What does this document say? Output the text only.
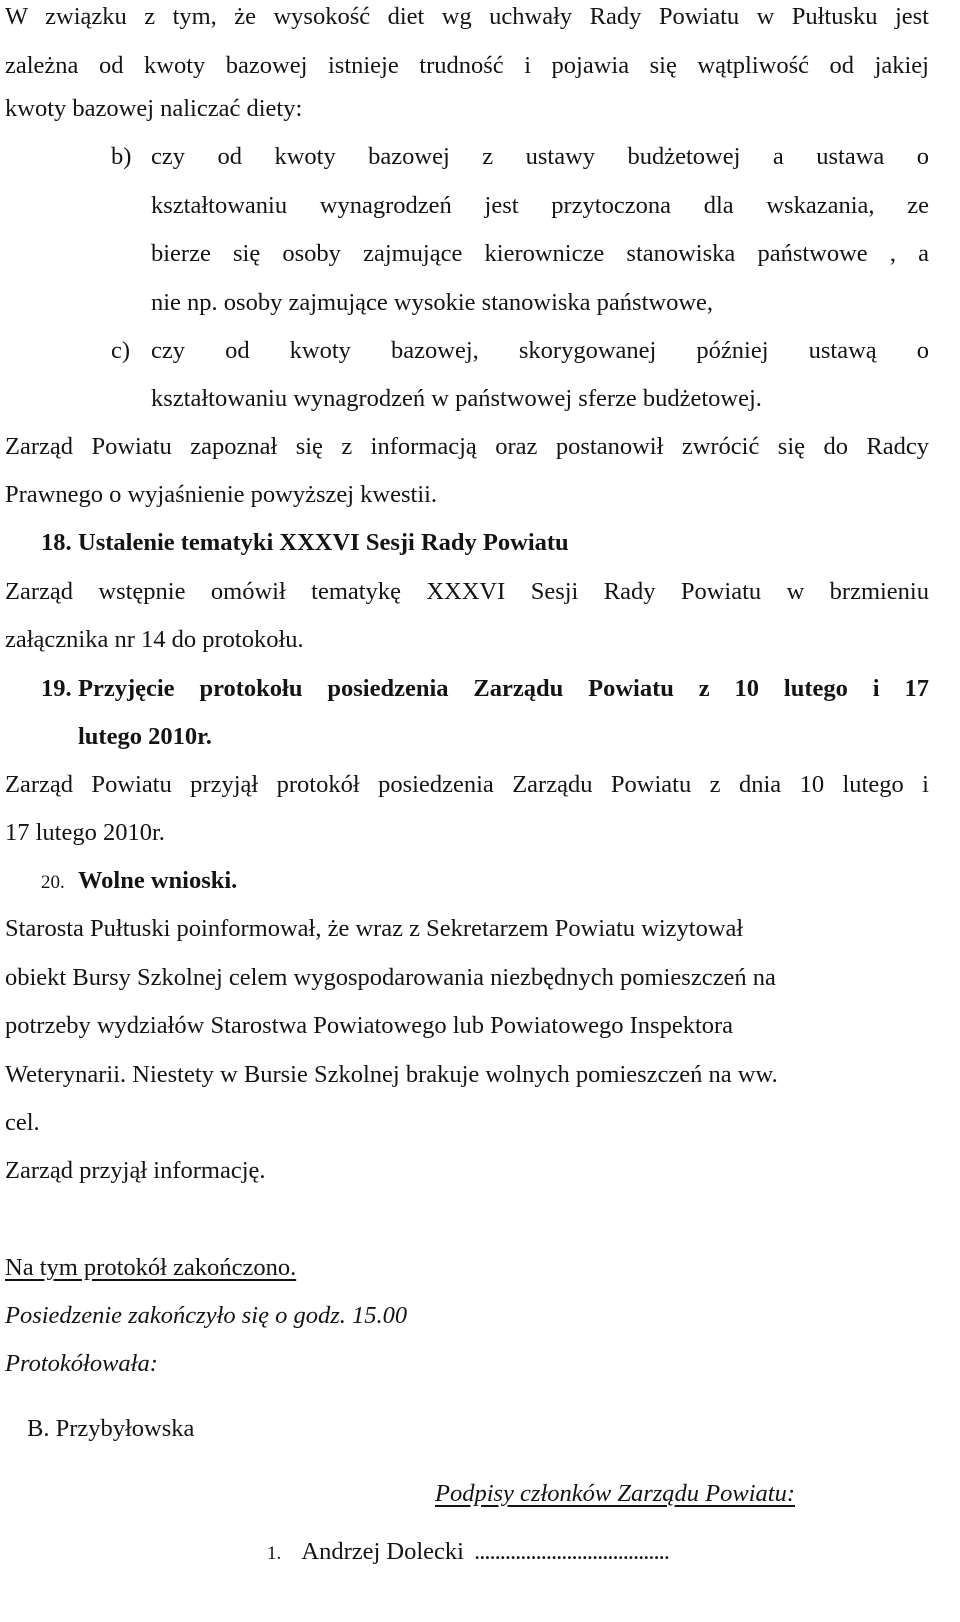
W związku z tym, że wysokość diet wg uchwały Rady Powiatu w Pułtusku jest
zależna od kwoty bazowej istnieje trudność i pojawia się wątpliwość od jakiej
kwoty bazowej naliczać diety:
b) czy od kwoty bazowej z ustawy budżetowej a ustawa o
kształtowaniu wynagrodzeń jest przytoczona dla wskazania, ze
bierze się osoby zajmujące kierownicze stanowiska państwowe , a
nie np. osoby zajmujące wysokie stanowiska państwowe,
c) czy od kwoty bazowej, skorygowanej później ustawą o
kształtowaniu wynagrodzeń w państwowej sferze budżetowej.
Zarząd Powiatu zapoznał się z informacją oraz postanowił zwrócić się do Radcy
Prawnego o wyjaśnienie powyższej kwestii.
18. Ustalenie tematyki XXXVI Sesji Rady Powiatu
Zarząd wstępnie omówił tematykę XXXVI Sesji Rady Powiatu w brzmieniu
załącznika nr 14 do protokołu.
19. Przyjęcie protokołu posiedzenia Zarządu Powiatu z 10 lutego i 17
lutego 2010r.
Zarząd Powiatu przyjął protokół posiedzenia Zarządu Powiatu z dnia 10 lutego i
17 lutego 2010r.
20. Wolne wnioski.
Starosta Pułtuski poinformował, że wraz z Sekretarzem Powiatu wizytował
obiekt Bursy Szkolnej celem wygospodarowania niezbędnych pomieszczeń na
potrzeby wydziałów Starostwa Powiatowego lub Powiatowego Inspektora
Weterynarii. Niestety w Bursie Szkolnej brakuje wolnych pomieszczeń na ww.
cel.
Zarząd przyjął informację.
Na tym protokół zakończono.
Posiedzenie zakończyło się o godz. 15.00
Protokółowała:
B. Przybyłowska
Podpisy członków Zarządu Powiatu:
1. Andrzej Dolecki ......................................
